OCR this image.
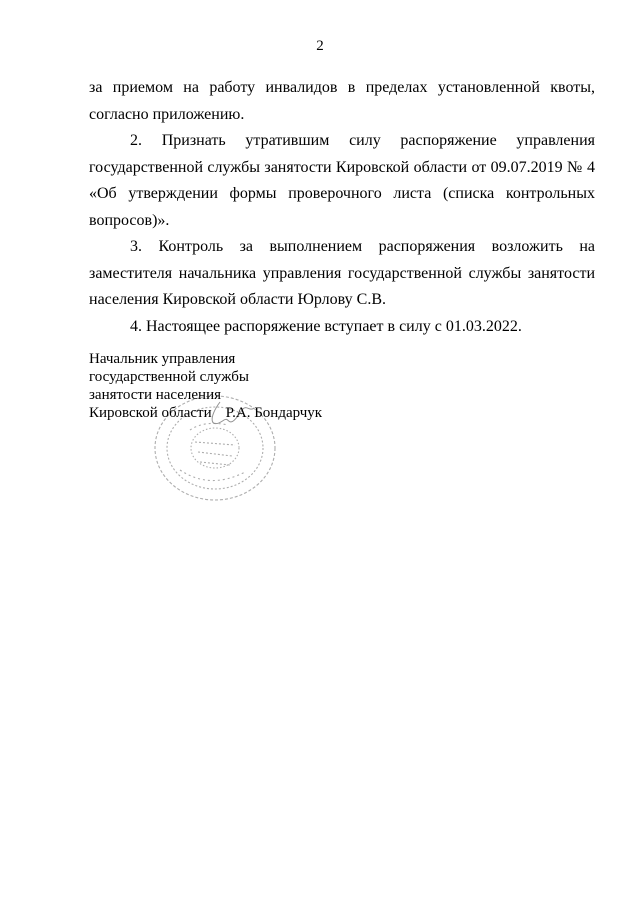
2

за приемом на работу инвалидов в пределах установленной квоты, согласно приложению.

2. Признать утратившим силу распоряжение управления государственной службы занятости Кировской области от 09.07.2019 № 4 «Об утверждении формы проверочного листа (списка контрольных вопросов)».

3. Контроль за выполнением распоряжения возложить на заместителя начальника управления государственной службы занятости населения Кировской области Юрлову С.В.

4. Настоящее распоряжение вступает в силу с 01.03.2022.

Начальник управления
государственной службы
занятости населения
Кировской области Р.А. Бондарчук
